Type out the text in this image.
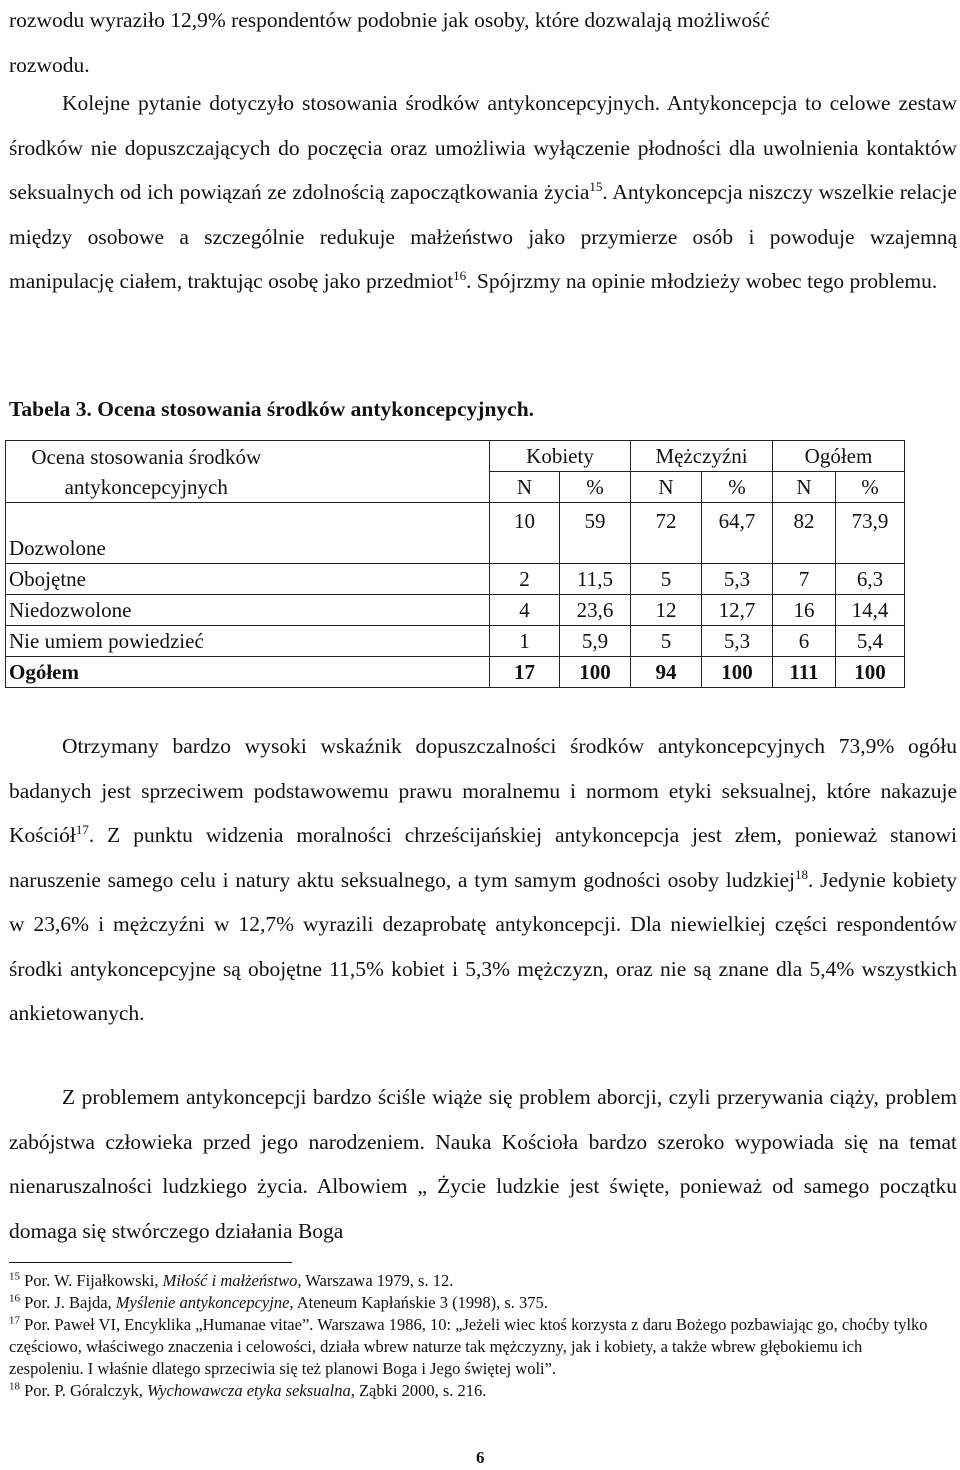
rozwodu wyraziło 12,9% respondentów podobnie jak osoby, które dozwalają możliwość
rozwodu.

Kolejne pytanie dotyczyło stosowania środków antykoncepcyjnych. Antykoncepcja to celowe zestaw środków nie dopuszczających do poczęcia oraz umożliwia wyłączenie płodności dla uwolnienia kontaktów seksualnych od ich powiązań ze zdolnością zapoczątkowania życia$^{15}$. Antykoncepcja niszczy wszelkie relacje między osobowe a szczególnie redukuje małżeństwo jako przymierze osób i powoduje wzajemną manipulację ciałem, traktując osobę jako przedmiot$^{16}$. Spójrzmy na opinie młodzieży wobec tego problemu.

Tabela 3. Ocena stosowania środków antykoncepcyjnych.
Ocena stosowania środków
antykoncepcyjnych		Kobiety		Mężczyźni		Ogółem	
		N	%	N	%	N	%
Dozwolone		10	59	72	64,7	82	73,9
Obojętne		2	11,5	5	5,3	7	6,3
Niedozwolone		4	23,6	12	12,7	16	14,4
Nie umiem powiedzieć		1	5,9	5	5,3	6	5,4
Ogółem		17	100	94	100	111	100

Otrzymany bardzo wysoki wskaźnik dopuszczalności środków antykoncepcyjnych 73,9% ogółu badanych jest sprzeciwem podstawowemu prawu moralnemu i normom etyki seksualnej, które nakazuje Kościół$^{17}$. Z punktu widzenia moralności chrześcijańskiej antykoncepcja jest złem, ponieważ stanowi naruszenie samego celu i natury aktu seksualnego, a tym samym godności osoby ludzkiej$^{18}$. Jedynie kobiety w 23,6% i mężczyźni w 12,7% wyrazili dezaprobatę antykoncepcji. Dla niewielkiej części respondentów środki antykoncepcyjne są obojętne 11,5% kobiet i 5,3% mężczyzn, oraz nie są znane dla 5,4% wszystkich ankietowanych.

Z problemem antykoncepcji bardzo ściśle wiąże się problem aborcji, czyli przerywania ciąży, problem zabójstwa człowieka przed jego narodzeniem. Nauka Kościoła bardzo szeroko wypowiada się na temat nienaruszalności ludzkiego życia. Albowiem „ Życie ludzkie jest święte, ponieważ od samego początku domaga się stwórczego działania Boga

$^{15}$ Por. W. Fijałkowski, Miłość i małżeństwo, Warszawa 1979, s. 12.
$^{16}$ Por. J. Bajda, Myślenie antykoncepcyjne, Ateneum Kapłańskie 3 (1998), s. 375.
$^{17}$ Por. Paweł VI, Encyklika „Humanae vitae”. Warszawa 1986, 10: „Jeżeli wiec ktoś korzysta z daru Bożego pozbawiając go, choćby tylko częściowo, właściwego znaczenia i celowości, działa wbrew naturze tak mężczyzny, jak i kobiety, a także wbrew głębokiemu ich zespoleniu. I właśnie dlatego sprzeciwia się też planowi Boga i Jego świętej woli”.
$^{18}$ Por. P. Góralczyk, Wychowawcza etyka seksualna, Ząbki 2000, s. 216.
6
